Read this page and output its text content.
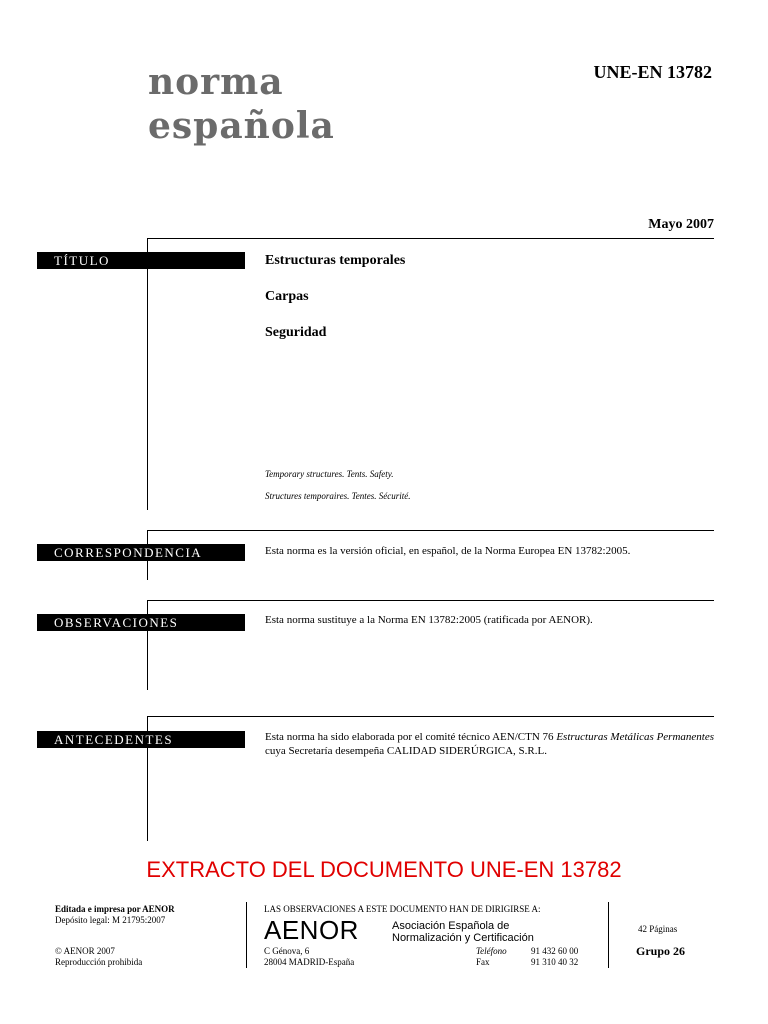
norma
española
UNE-EN 13782
Mayo 2007
TÍTULO	Estructuras temporales
Carpas
Seguridad
Temporary structures. Tents. Safety.
Structures temporaires. Tentes. Sécurité.
CORRESPONDENCIA	Esta norma es la versión oficial, en español, de la Norma Europea EN 13782:2005.
OBSERVACIONES	Esta norma sustituye a la Norma EN 13782:2005 (ratificada por AENOR).
ANTECEDENTES	Esta norma ha sido elaborada por el comité técnico AEN/CTN 76 Estructuras Metálicas Permanentes cuya Secretaría desempeña CALIDAD SIDERÚRGICA, S.R.L.
EXTRACTO DEL DOCUMENTO UNE-EN 13782
Editada e impresa por AENOR
Depósito legal: M 21795:2007
© AENOR 2007
Reproducción prohibida
LAS OBSERVACIONES A ESTE DOCUMENTO HAN DE DIRIGIRSE A:
AENOR	Asociación Española de
Normalización y Certificación
C Génova, 6
28004 MADRID-España
Teléfono	91 432 60 00
Fax	91 310 40 32
42 Páginas
Grupo 26
